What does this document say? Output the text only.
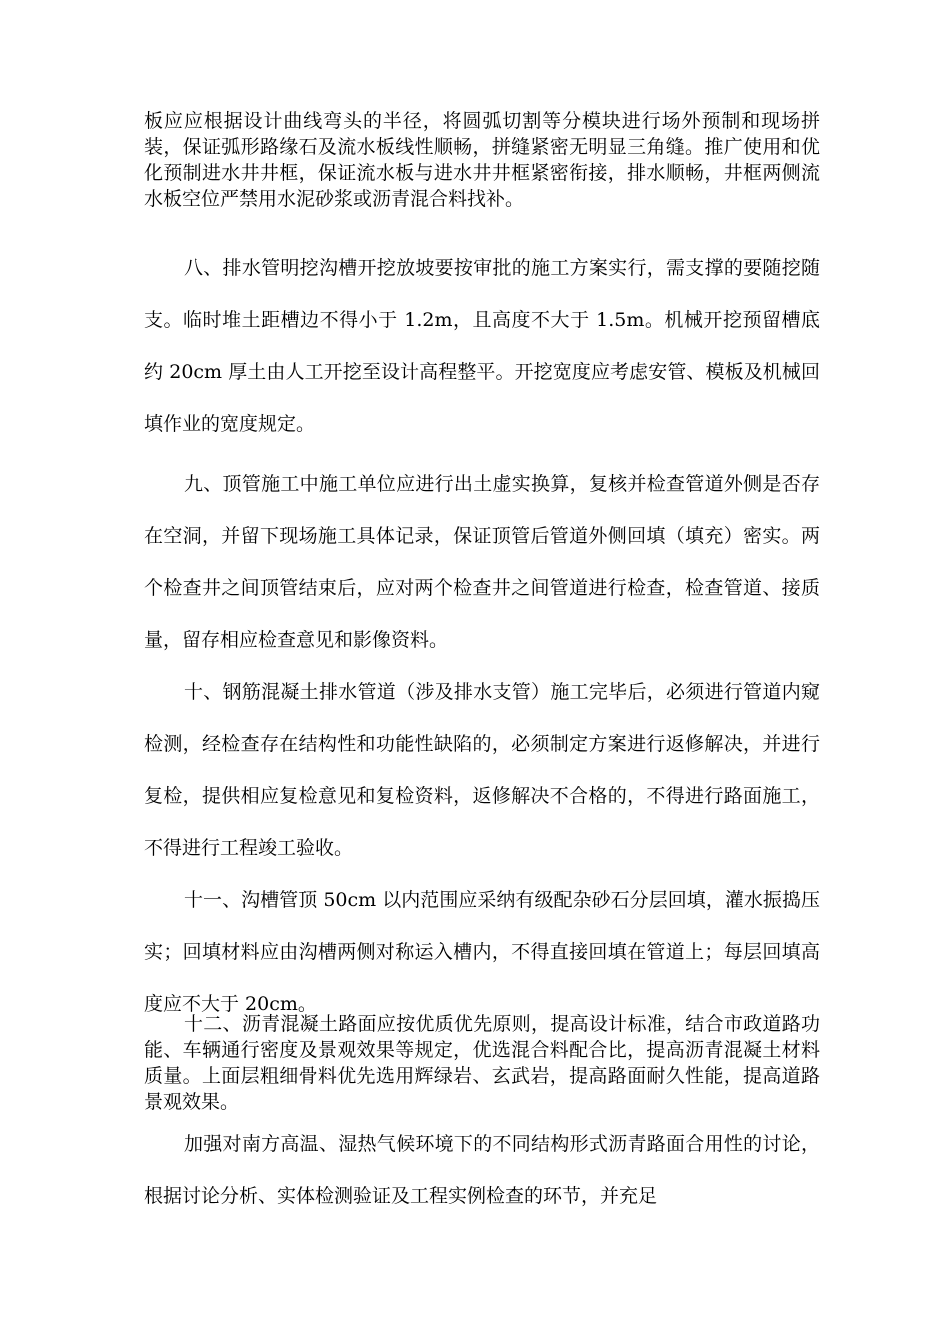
板应应根据设计曲线弯头的半径，将圆弧切割等分模块进行场外预制和现场拼装，保证弧形路缘石及流水板线性顺畅，拼缝紧密无明显三角缝。推广使用和优化预制进水井井框，保证流水板与进水井井框紧密衔接，排水顺畅，井框两侧流水板空位严禁用水泥砂浆或沥青混合料找补。

八、排水管明挖沟槽开挖放坡要按审批的施工方案实行，需支撑的要随挖随支。临时堆土距槽边不得小于 1.2m，且高度不大于 1.5m。机械开挖预留槽底约 20cm 厚土由人工开挖至设计高程整平。开挖宽度应考虑安管、模板及机械回填作业的宽度规定。

九、顶管施工中施工单位应进行出土虚实换算，复核并检查管道外侧是否存在空洞，并留下现场施工具体记录，保证顶管后管道外侧回填（填充）密实。两个检查井之间顶管结束后，应对两个检查井之间管道进行检查，检查管道、接质量，留存相应检查意见和影像资料。

十、钢筋混凝土排水管道（涉及排水支管）施工完毕后，必须进行管道内窥检测，经检查存在结构性和功能性缺陷的，必须制定方案进行返修解决，并进行复检，提供相应复检意见和复检资料，返修解决不合格的，不得进行路面施工，不得进行工程竣工验收。

十一、沟槽管顶 50cm 以内范围应采纳有级配杂砂石分层回填，灌水振捣压实；回填材料应由沟槽两侧对称运入槽内，不得直接回填在管道上；每层回填高度应不大于 20cm。

十二、沥青混凝土路面应按优质优先原则，提高设计标准，结合市政道路功能、车辆通行密度及景观效果等规定，优选混合料配合比，提高沥青混凝土材料质量。上面层粗细骨料优先选用辉绿岩、玄武岩，提高路面耐久性能，提高道路景观效果。

加强对南方高温、湿热气候环境下的不同结构形式沥青路面合用性的讨论，根据讨论分析、实体检测验证及工程实例检查的环节，并充足
